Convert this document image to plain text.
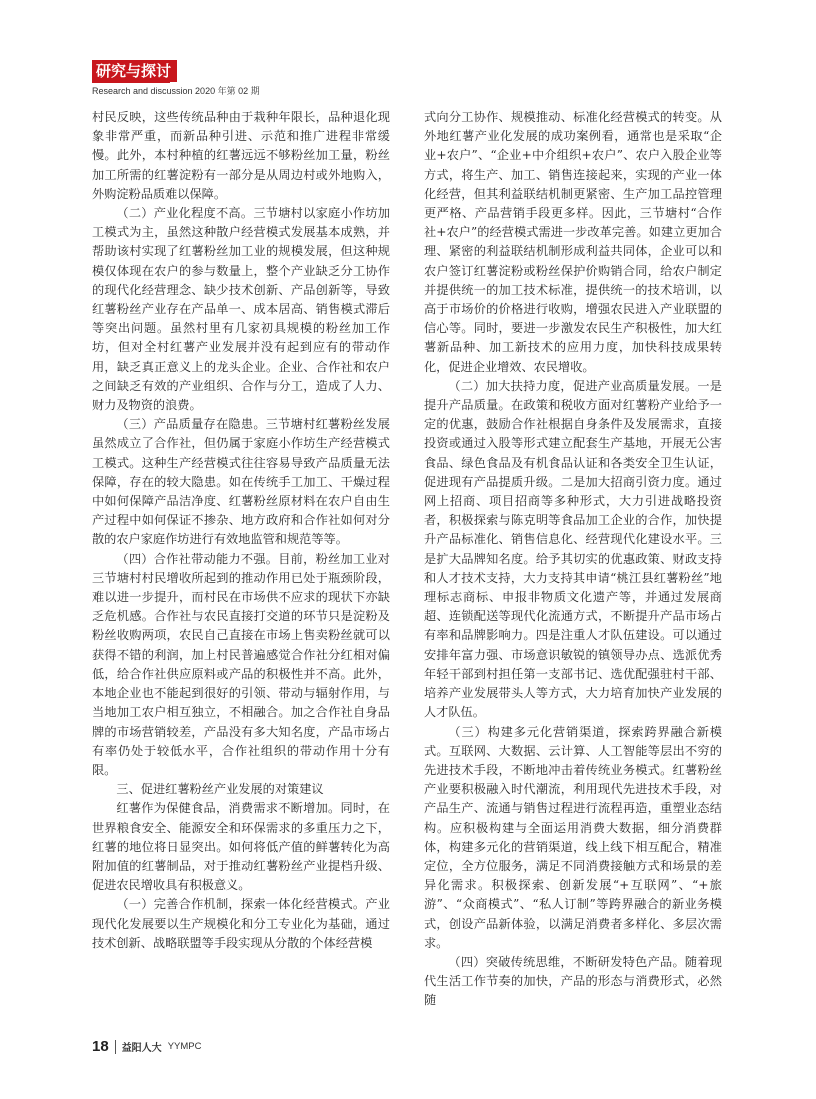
研究与探讨
Research and discussion 2020 年第 02 期

村民反映，这些传统品种由于栽种年限长，品种退化现象非常严重，而新品种引进、示范和推广进程非常缓慢。此外，本村种植的红薯远远不够粉丝加工量，粉丝加工所需的红薯淀粉有一部分是从周边村或外地购入，外购淀粉品质难以保障。

（二）产业化程度不高。三节塘村以家庭小作坊加工模式为主，虽然这种散户经营模式发展基本成熟，并帮助该村实现了红薯粉丝加工业的规模发展，但这种规模仅体现在农户的参与数量上，整个产业缺乏分工协作的现代化经营理念、缺少技术创新、产品创新等，导致红薯粉丝产业存在产品单一、成本居高、销售模式滞后等突出问题。虽然村里有几家初具规模的粉丝加工作坊，但对全村红薯产业发展并没有起到应有的带动作用，缺乏真正意义上的龙头企业。企业、合作社和农户之间缺乏有效的产业组织、合作与分工，造成了人力、财力及物资的浪费。

（三）产品质量存在隐患。三节塘村红薯粉丝发展虽然成立了合作社，但仍属于家庭小作坊生产经营模式工模式。这种生产经营模式往往容易导致产品质量无法保障，存在的较大隐患。如在传统手工加工、干燥过程中如何保障产品洁净度、红薯粉丝原材料在农户自由生产过程中如何保证不掺杂、地方政府和合作社如何对分散的农户家庭作坊进行有效地监管和规范等等。

（四）合作社带动能力不强。目前，粉丝加工业对三节塘村村民增收所起到的推动作用已处于瓶颈阶段，难以进一步提升，而村民在市场供不应求的现状下亦缺乏危机感。合作社与农民直接打交道的环节只是淀粉及粉丝收购两项，农民自己直接在市场上售卖粉丝就可以获得不错的利润，加上村民普遍感觉合作社分红相对偏低，给合作社供应原料或产品的积极性并不高。此外，本地企业也不能起到很好的引领、带动与辐射作用，与当地加工农户相互独立，不相融合。加之合作社自身品牌的市场营销较差，产品没有多大知名度，产品市场占有率仍处于较低水平，合作社组织的带动作用十分有限。

三、促进红薯粉丝产业发展的对策建议

红薯作为保健食品，消费需求不断增加。同时，在世界粮食安全、能源安全和环保需求的多重压力之下，红薯的地位将日显突出。如何将低产值的鲜薯转化为高附加值的红薯制品，对于推动红薯粉丝产业提档升级、促进农民增收具有积极意义。

（一）完善合作机制，探索一体化经营模式。产业现代化发展要以生产规模化和分工专业化为基础，通过技术创新、战略联盟等手段实现从分散的个体经营模

式向分工协作、规模推动、标准化经营模式的转变。从外地红薯产业化发展的成功案例看，通常也是采取“企业+农户”、“企业+中介组织+农户”、农户入股企业等方式，将生产、加工、销售连接起来，实现的产业一体化经营，但其利益联结机制更紧密、生产加工品控管理更严格、产品营销手段更多样。因此，三节塘村“合作社+农户”的经营模式需进一步改革完善。如建立更加合理、紧密的利益联结机制形成利益共同体，企业可以和农户签订红薯淀粉或粉丝保护价购销合同，给农户制定并提供统一的加工技术标准，提供统一的技术培训，以高于市场价的价格进行收购，增强农民进入产业联盟的信心等。同时，要进一步激发农民生产积极性，加大红薯新品种、加工新技术的应用力度，加快科技成果转化，促进企业增效、农民增收。

（二）加大扶持力度，促进产业高质量发展。一是提升产品质量。在政策和税收方面对红薯粉产业给予一定的优惠，鼓励合作社根据自身条件及发展需求，直接投资或通过入股等形式建立配套生产基地，开展无公害食品、绿色食品及有机食品认证和各类安全卫生认证，促进现有产品提质升级。二是加大招商引资力度。通过网上招商、项目招商等多种形式，大力引进战略投资者，积极探索与陈克明等食品加工企业的合作，加快提升产品标准化、销售信息化、经营现代化建设水平。三是扩大品牌知名度。给予其切实的优惠政策、财政支持和人才技术支持，大力支持其申请“桃江县红薯粉丝”地理标志商标、申报非物质文化遗产等，并通过发展商超、连锁配送等现代化流通方式，不断提升产品市场占有率和品牌影响力。四是注重人才队伍建设。可以通过安排年富力强、市场意识敏锐的镇领导办点、选派优秀年轻干部到村担任第一支部书记、选优配强驻村干部、培养产业发展带头人等方式，大力培育加快产业发展的人才队伍。

（三）构建多元化营销渠道，探索跨界融合新模式。互联网、大数据、云计算、人工智能等层出不穷的先进技术手段，不断地冲击着传统业务模式。红薯粉丝产业要积极融入时代潮流，利用现代先进技术手段，对产品生产、流通与销售过程进行流程再造，重塑业态结构。应积极构建与全面运用消费大数据，细分消费群体，构建多元化的营销渠道，线上线下相互配合，精准定位，全方位服务，满足不同消费接触方式和场景的差异化需求。积极探索、创新发展“+互联网”、“+旅游”、“众商模式”、“私人订制”等跨界融合的新业务模式，创设产品新体验，以满足消费者多样化、多层次需求。

（四）突破传统思维，不断研发特色产品。随着现代生活工作节奏的加快，产品的形态与消费形式，必然随

18 益阳人大 YYMPC
